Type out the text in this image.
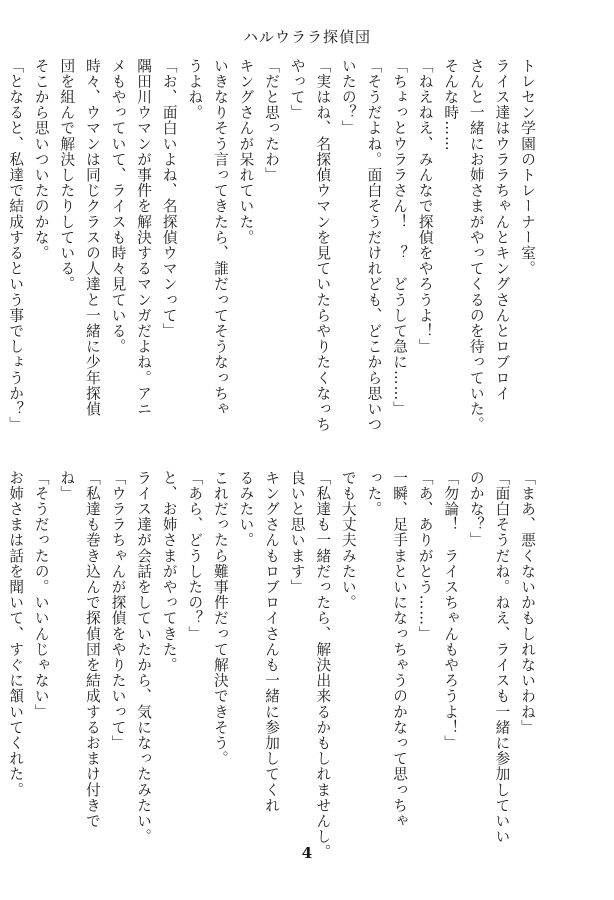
ハルウララ探偵団

トレセン学園のトレーナー室。

ライス達はウララちゃんとキングさんとロブロイ

さんと一緒にお姉さまがやってくるのを待っていた。

そんな時……

「ねえねえ、みんなで探偵をやろうよ！」

「ちょっとウララさん！　？　どうして急に……」

「そうだよね。面白そうだけれども、どこから思いつ

いたの？」

「実はね、名探偵ウマンを見ていたらやりたくなっち

やって」

「だと思ったわ」

キングさんが呆れていた。

いきなりそう言ってきたら、誰だってそうなっちゃ

うよね。

「お、面白いよね、名探偵ウマンって」

隅田川ウマンが事件を解決するマンガだよね。アニ

メもやっていて、ライスも時々見ている。

時々、ウマンは同じクラスの人達と一緒に少年探偵

団を組んで解決したりしている。

そこから思いついたのかな。

「となると、私達で結成するという事でしょうか？」

「まあ、悪くないかもしれないわね」

「面白そうだね。ねえ、ライスも一緒に参加していい

のかな？」

「勿論！　ライスちゃんもやろうよ！」

「あ、ありがとう……」

一瞬、足手まといになっちゃうのかなって思っちゃ

った。

でも大丈夫みたい。

「私達も一緒だったら、解決出来るかもしれませんし。

良いと思います」

キングさんもロブロイさんも一緒に参加してくれ

るみたい。

これだったら難事件だって解決できそう。

「あら、どうしたの？」

と、お姉さまがやってきた。

ライス達が会話をしていたから、気になったみたい。

「ウララちゃんが探偵をやりたいって」

「私達も巻き込んで探偵団を結成するおまけ付きで

ね」

「そうだったの。いいんじゃない」

お姉さまは話を聞いて、すぐに頷いてくれた。

4
